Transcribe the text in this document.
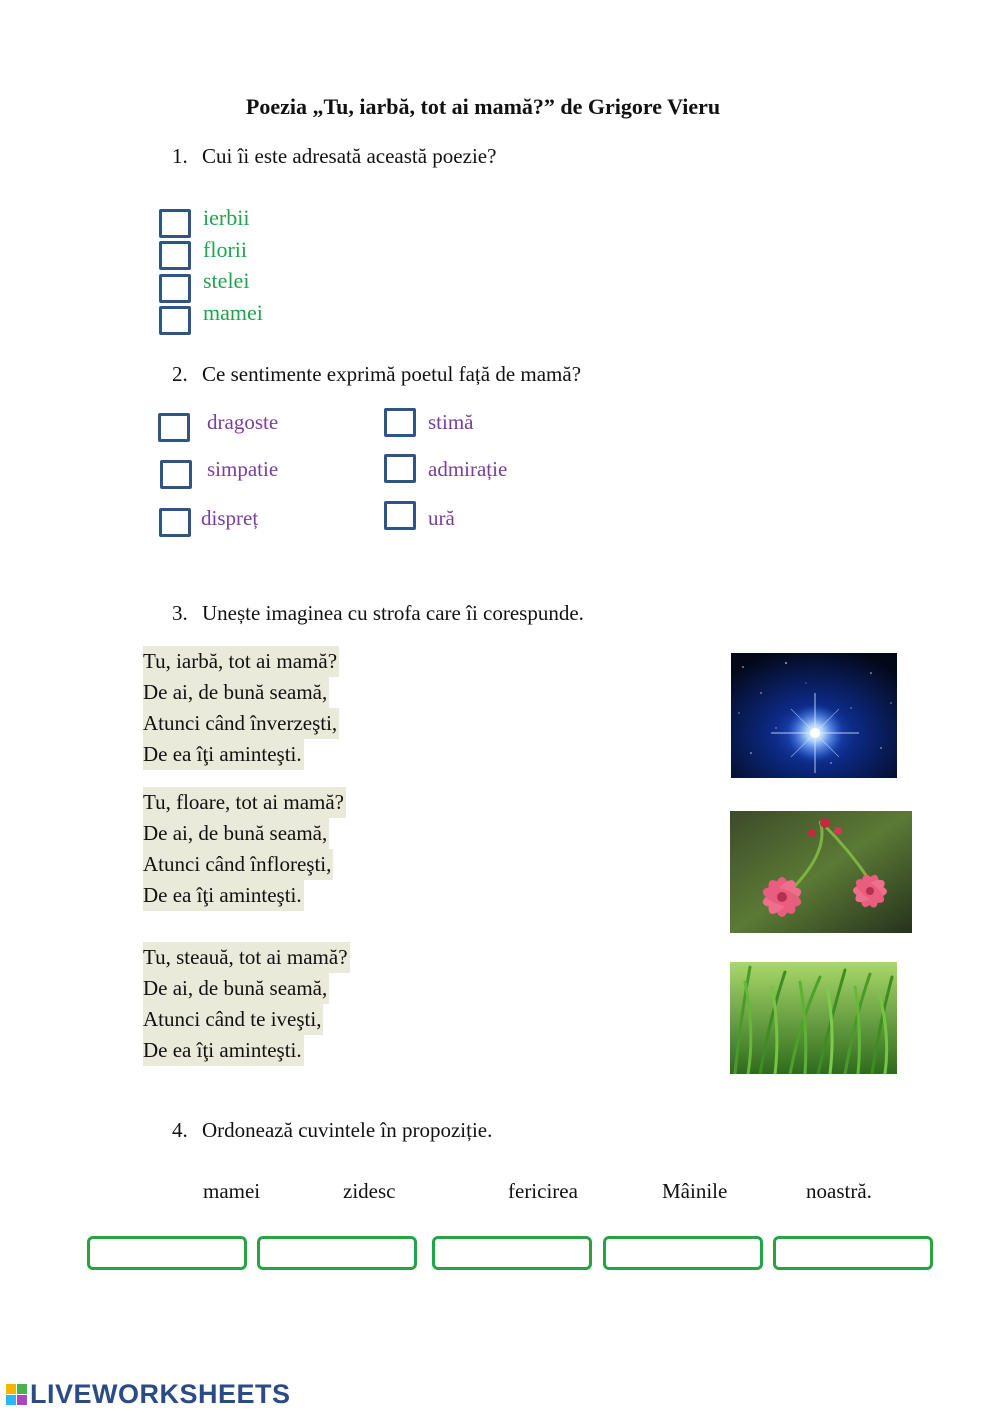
Poezia „Tu, iarbă, tot ai mamă?” de Grigore Vieru
1. Cui îi este adresată această poezie?
ierbii
florii
stelei
mamei
2. Ce sentimente exprimă poetul față de mamă?
dragoste
simpatie
dispreț
stimă
admirație
ură
3. Unește imaginea cu strofa care îi corespunde.
Tu, iarbă, tot ai mamă?
De ai, de bună seamă,
Atunci când înverzeşti,
De ea îţi aminteşti.
Tu, floare, tot ai mamă?
De ai, de bună seamă,
Atunci când înfloreşti,
De ea îţi aminteşti.
Tu, steauă, tot ai mamă?
De ai, de bună seamă,
Atunci când te iveşti,
De ea îţi aminteşti.
4. Ordonează cuvintele în propoziție.
mamei	zidesc	fericirea	Mâinile	noastră.
LIVEWORKSHEETS
